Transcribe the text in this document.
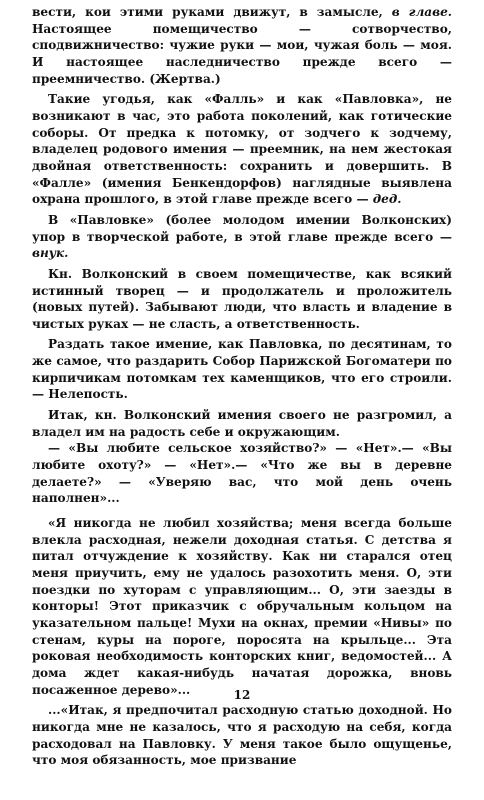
вести, кои этими руками движут, в замысле, в главе. Настоящее помещичество — сотворчество, сподвижничество: чужие руки — мои, чужая боль — моя. И настоящее наследничество прежде всего — преемничество. (Жертва.)

Такие угодья, как «Фалль» и как «Павловка», не возникают в час, это работа поколений, как готические соборы. От предка к потомку, от зодчего к зодчему, владелец родового имения — преемник, на нем жестокая двойная ответственность: сохранить и довершить. В «Фалле» (имения Бенкендорфов) наглядные выявлена охрана прошлого, в этой главе прежде всего — дед.

В «Павловке» (более молодом имении Волконских) упор в творческой работе, в этой главе прежде всего — внук.

Кн. Волконский в своем помещичестве, как всякий истинный творец — и продолжатель и проложитель (новых путей). Забывают люди, что власть и владение в чистых руках — не сласть, а ответственность.

Раздать такое имение, как Павловка, по десятинам, то же самое, что раздарить Собор Парижской Богоматери по кирпичикам потомкам тех каменщиков, что его строили.— Нелепость.

Итак, кн. Волконский имения своего не разгромил, а владел им на радость себе и окружающим.

— «Вы любите сельское хозяйство?» — «Нет».— «Вы любите охоту?» — «Нет».— «Что же вы в деревне делаете?» — «Уверяю вас, что мой день очень наполнен»...

«Я никогда не любил хозяйства; меня всегда больше влекла расходная, нежели доходная статья. С детства я питал отчуждение к хозяйству. Как ни старался отец меня приучить, ему не удалось разохотить меня. О, эти поездки по хуторам с управляющим... О, эти заезды в конторы! Этот приказчик с обручальным кольцом на указательном пальце! Мухи на окнах, премии «Нивы» по стенам, куры на пороге, поросята на крыльце... Эта роковая необходимость конторских книг, ведомостей... А дома ждет какая-нибудь начатая дорожка, вновь посаженное дерево»...

...«Итак, я предпочитал расходную статью доходной. Но никогда мне не казалось, что я расходую на себя, когда расходовал на Павловку. У меня такое было ощущенье, что моя обязанность, мое призвание

12
